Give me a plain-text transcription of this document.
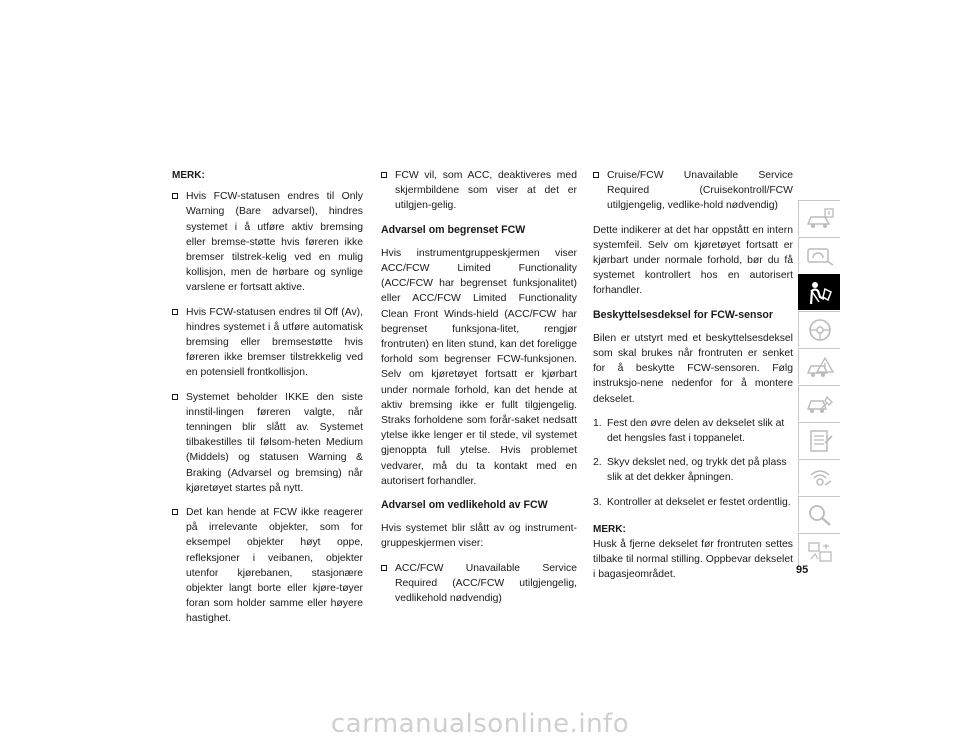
MERK:
Hvis FCW-statusen endres til Only Warning (Bare advarsel), hindres systemet i å utføre aktiv bremsing eller bremse-støtte hvis føreren ikke bremser tilstrek-kelig ved en mulig kollisjon, men de hørbare og synlige varslene er fortsatt aktive.
Hvis FCW-statusen endres til Off (Av), hindres systemet i å utføre automatisk bremsing eller bremsestøtte hvis føreren ikke bremser tilstrekkelig ved en potensiell frontkollisjon.
Systemet beholder IKKE den siste innstil-lingen føreren valgte, når tenningen blir slått av. Systemet tilbakestilles til følsom-heten Medium (Middels) og statusen Warning & Braking (Advarsel og bremsing) når kjøretøyet startes på nytt.
Det kan hende at FCW ikke reagerer på irrelevante objekter, som for eksempel objekter høyt oppe, refleksjoner i veibanen, objekter utenfor kjørebanen, stasjonære objekter langt borte eller kjøre-tøyer foran som holder samme eller høyere hastighet.
FCW vil, som ACC, deaktiveres med skjermbildene som viser at det er utilgjen-gelig.
Advarsel om begrenset FCW
Hvis instrumentgruppeskjermen viser ACC/FCW Limited Functionality (ACC/FCW har begrenset funksjonalitet) eller ACC/FCW Limited Functionality Clean Front Winds-hield (ACC/FCW har begrenset funksjona-litet, rengjør frontruten) en liten stund, kan det foreligge forhold som begrenser FCW-funksjonen. Selv om kjøretøyet fortsatt er kjørbart under normale forhold, kan det hende at aktiv bremsing ikke er fullt tilgjengelig. Straks forholdene som forår-saket nedsatt ytelse ikke lenger er til stede, vil systemet gjenoppta full ytelse. Hvis problemet vedvarer, må du ta kontakt med en autorisert forhandler.
Advarsel om vedlikehold av FCW
Hvis systemet blir slått av og instrument-gruppeskjermen viser:
ACC/FCW Unavailable Service Required (ACC/FCW utilgjengelig, vedlikehold nødvendig)
Cruise/FCW Unavailable Service Required (Cruisekontroll/FCW utilgjengelig, vedlike-hold nødvendig)
Dette indikerer at det har oppstått en intern systemfeil. Selv om kjøretøyet fortsatt er kjørbart under normale forhold, bør du få systemet kontrollert hos en autorisert forhandler.
Beskyttelsesdeksel for FCW-sensor
Bilen er utstyrt med et beskyttelsesdeksel som skal brukes når frontruten er senket for å beskytte FCW-sensoren. Følg instruksjo-nene nedenfor for å montere dekselet.
1. Fest den øvre delen av dekselet slik at det hengsles fast i toppanelet.
2. Skyv dekslet ned, og trykk det på plass slik at det dekker åpningen.
3. Kontroller at dekselet er festet ordentlig.
MERK:
Husk å fjerne dekselet før frontruten settes tilbake til normal stilling. Oppbevar dekselet i bagasjeområdet.	95
carmanualsonline.info
